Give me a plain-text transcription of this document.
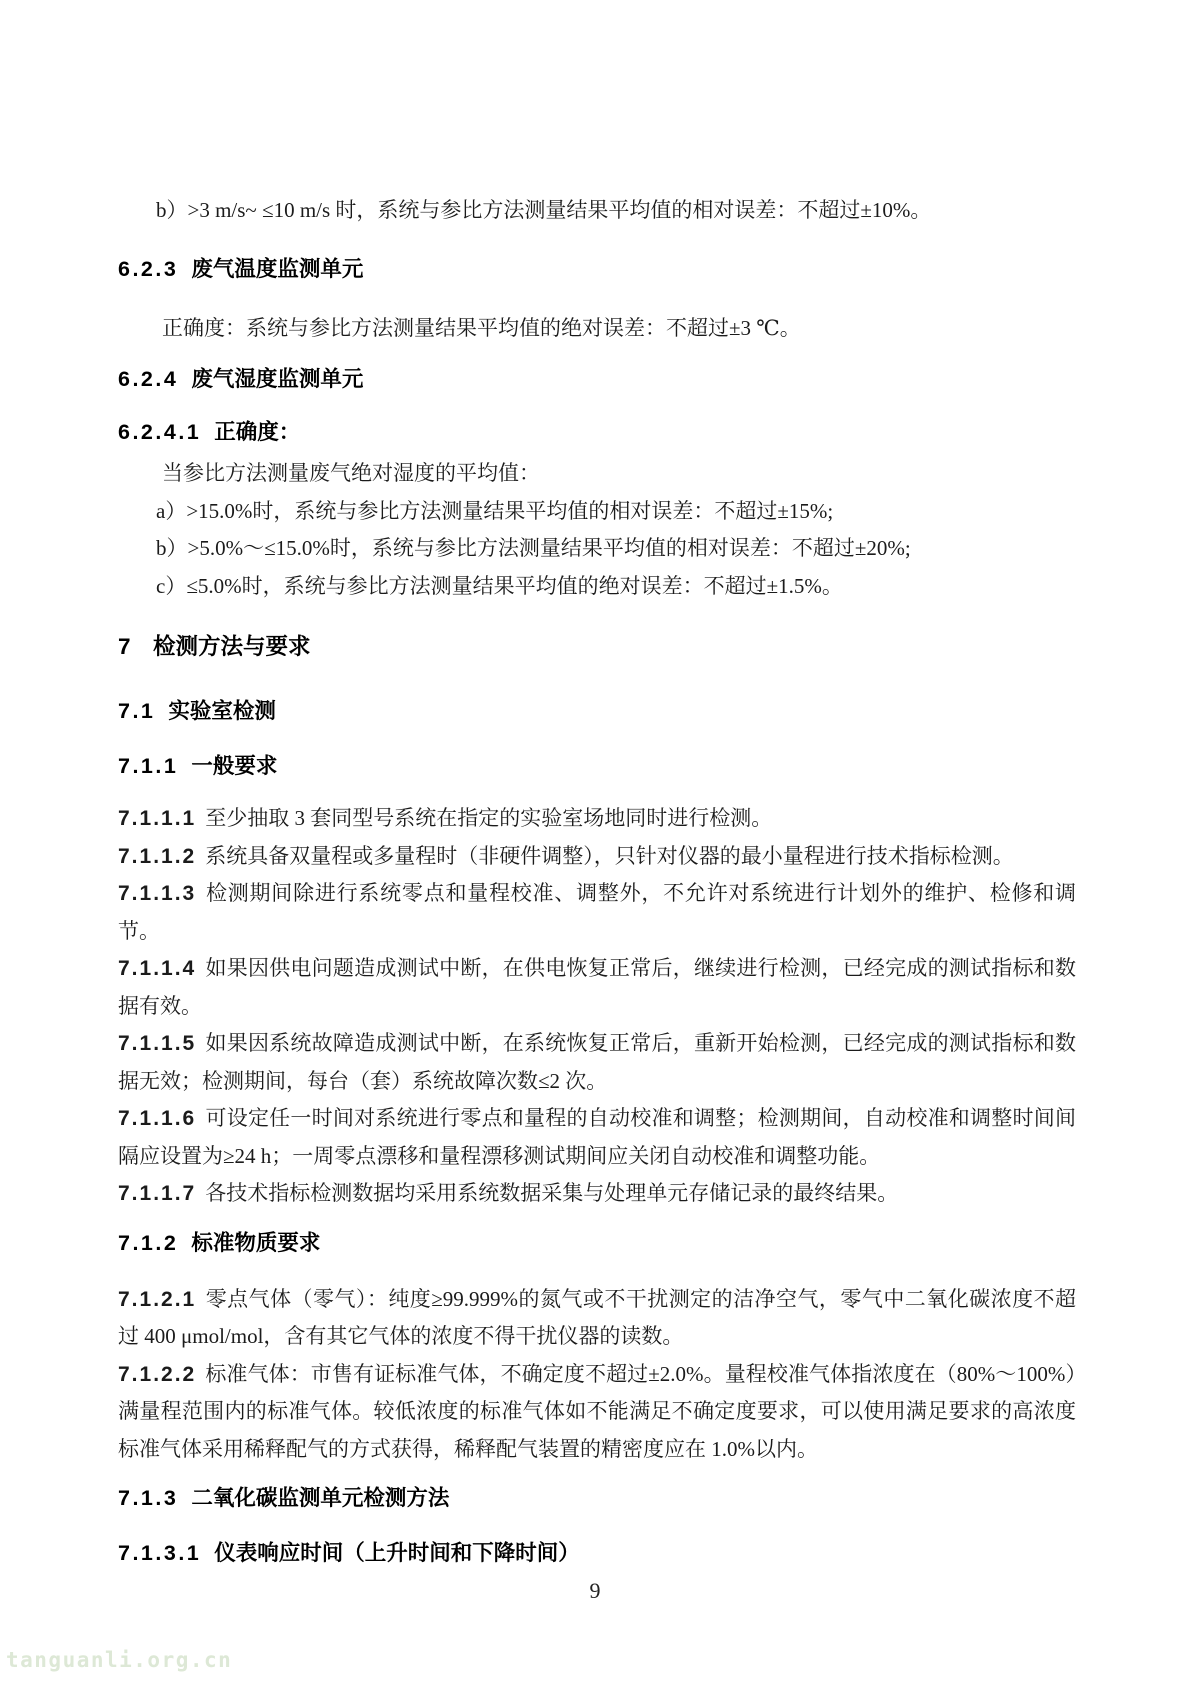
b）>3 m/s~ ≤10 m/s 时，系统与参比方法测量结果平均值的相对误差：不超过±10%。

6.2.3 废气温度监测单元

正确度：系统与参比方法测量结果平均值的绝对误差：不超过±3 ℃。

6.2.4 废气湿度监测单元
6.2.4.1 正确度：

当参比方法测量废气绝对湿度的平均值：

a）>15.0%时，系统与参比方法测量结果平均值的相对误差：不超过±15%;

b）>5.0%～≤15.0%时，系统与参比方法测量结果平均值的相对误差：不超过±20%;

c）≤5.0%时，系统与参比方法测量结果平均值的绝对误差：不超过±1.5%。

7 检测方法与要求
7.1 实验室检测
7.1.1 一般要求

7.1.1.1 至少抽取 3 套同型号系统在指定的实验室场地同时进行检测。

7.1.1.2 系统具备双量程或多量程时（非硬件调整），只针对仪器的最小量程进行技术指标检测。

7.1.1.3 检测期间除进行系统零点和量程校准、调整外，不允许对系统进行计划外的维护、检修和调节。

7.1.1.4 如果因供电问题造成测试中断，在供电恢复正常后，继续进行检测，已经完成的测试指标和数据有效。

7.1.1.5 如果因系统故障造成测试中断，在系统恢复正常后，重新开始检测，已经完成的测试指标和数据无效；检测期间，每台（套）系统故障次数≤2 次。

7.1.1.6 可设定任一时间对系统进行零点和量程的自动校准和调整；检测期间，自动校准和调整时间间隔应设置为≥24 h；一周零点漂移和量程漂移测试期间应关闭自动校准和调整功能。

7.1.1.7 各技术指标检测数据均采用系统数据采集与处理单元存储记录的最终结果。

7.1.2 标准物质要求

7.1.2.1 零点气体（零气）：纯度≥99.999%的氮气或不干扰测定的洁净空气，零气中二氧化碳浓度不超过 400 μmol/mol，含有其它气体的浓度不得干扰仪器的读数。

7.1.2.2 标准气体：市售有证标准气体，不确定度不超过±2.0%。量程校准气体指浓度在（80%～100%）满量程范围内的标准气体。较低浓度的标准气体如不能满足不确定度要求，可以使用满足要求的高浓度标准气体采用稀释配气的方式获得，稀释配气装置的精密度应在 1.0%以内。

7.1.3 二氧化碳监测单元检测方法
7.1.3.1 仪表响应时间（上升时间和下降时间）
9
tanguanli.org.cn
